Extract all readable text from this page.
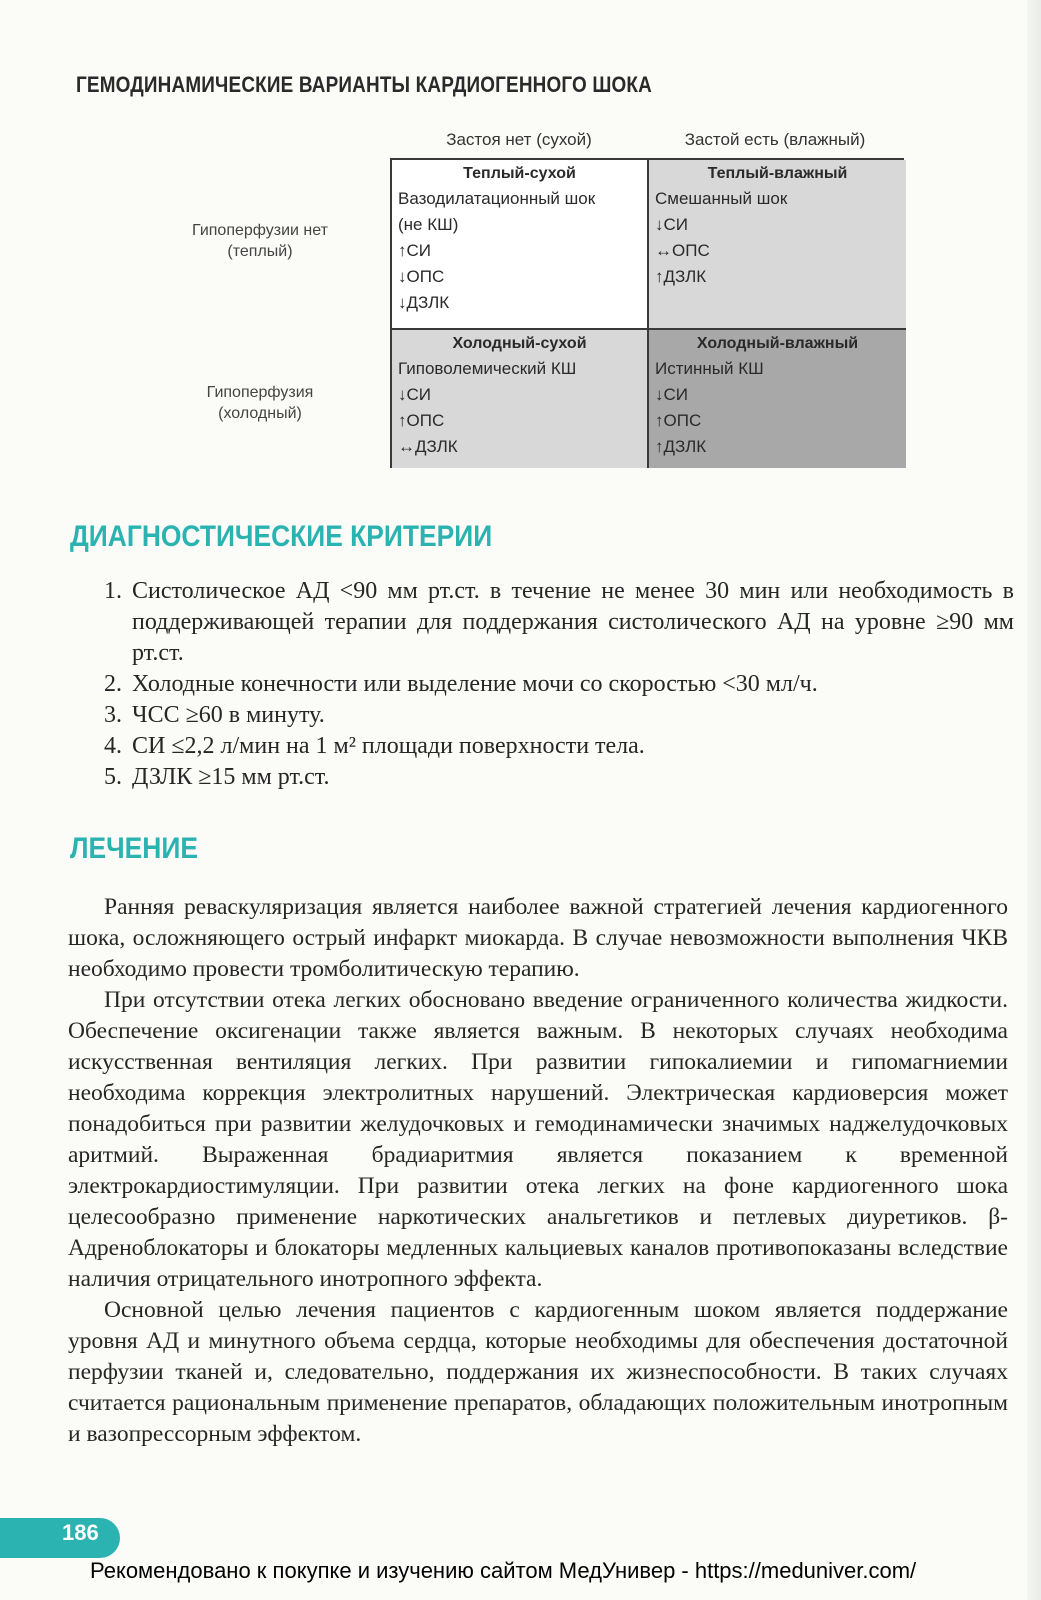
ГЕМОДИНАМИЧЕСКИЕ ВАРИАНТЫ КАРДИОГЕННОГО ШОКА
Застоя нет (сухой)	Застой есть (влажный)
Гипоперфузии нет
(теплый)
Гипоперфузия
(холодный)
Теплый-сухой
Вазодилатационный шок
(не КШ)
↑СИ
↓ОПС
↓ДЗЛК
Теплый-влажный
Смешанный шок
↓СИ
↔ОПС
↑ДЗЛК
Холодный-сухой
Гиповолемический КШ
↓СИ
↑ОПС
↔ДЗЛК
Холодный-влажный
Истинный КШ
↓СИ
↑ОПС
↑ДЗЛК
ДИАГНОСТИЧЕСКИЕ КРИТЕРИИ
1. Систолическое АД <90 мм рт.ст. в течение не менее 30 мин или необходимость в поддерживающей терапии для поддержания систолического АД на уровне ≥90 мм рт.ст.
2. Холодные конечности или выделение мочи со скоростью <30 мл/ч.
3. ЧСС ≥60 в минуту.
4. СИ ≤2,2 л/мин на 1 м² площади поверхности тела.
5. ДЗЛК ≥15 мм рт.ст.
ЛЕЧЕНИЕ

Ранняя реваскуляризация является наиболее важной стратегией лечения кардиогенного шока, осложняющего острый инфаркт миокарда. В случае невозможности выполнения ЧКВ необходимо провести тромболитическую терапию.

При отсутствии отека легких обосновано введение ограниченного количества жидкости. Обеспечение оксигенации также является важным. В некоторых случаях необходима искусственная вентиляция легких. При развитии гипокалиемии и гипомагниемии необходима коррекция электролитных нарушений. Электрическая кардиоверсия может понадобиться при развитии желудочковых и гемодинамически значимых наджелудочковых аритмий. Выраженная брадиаритмия является показанием к временной электрокардиостимуляции. При развитии отека легких на фоне кардиогенного шока целесообразно применение наркотических анальгетиков и петлевых диуретиков. β-Адреноблокаторы и блокаторы медленных кальциевых каналов противопоказаны вследствие наличия отрицательного инотропного эффекта.

Основной целью лечения пациентов с кардиогенным шоком является поддержание уровня АД и минутного объема сердца, которые необходимы для обеспечения достаточной перфузии тканей и, следовательно, поддержания их жизнеспособности. В таких случаях считается рациональным применение препаратов, обладающих положительным инотропным и вазопрессорным эффектом.

186
Рекомендовано к покупке и изучению сайтом МедУнивер - https://meduniver.com/
